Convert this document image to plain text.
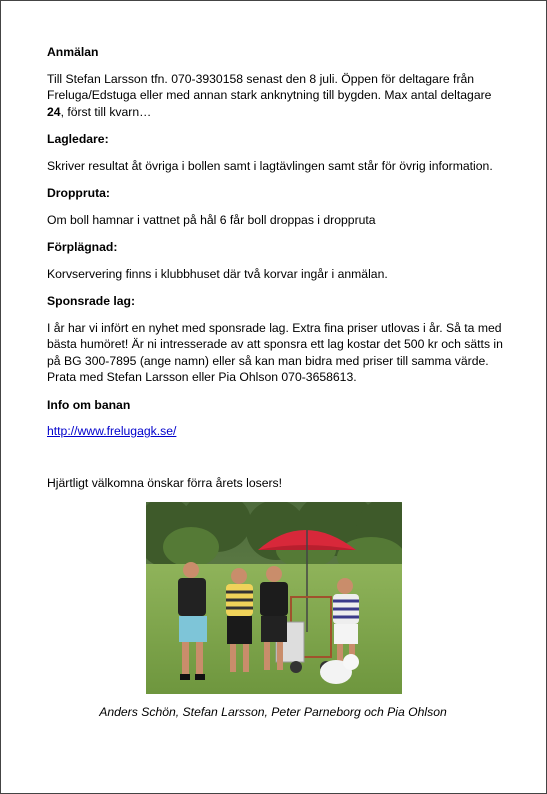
Anmälan
Till Stefan Larsson tfn. 070-3930158 senast den 8 juli. Öppen för deltagare från Freluga/Edstuga eller med annan stark anknytning till bygden. Max antal deltagare 24, först till kvarn…
Lagledare:
Skriver resultat åt övriga i bollen samt i lagtävlingen samt står för övrig information.
Droppruta:
Om boll hamnar i vattnet på hål 6 får boll droppas i droppruta
Förplägnad:
Korvservering finns i klubbhuset där två korvar ingår i anmälan.
Sponsrade lag:
I år har vi infört en nyhet med sponsrade lag. Extra fina priser utlovas i år. Så ta med bästa humöret! Är ni intresserade av att sponsra ett lag kostar det 500 kr och sätts in på BG 300-7895 (ange namn) eller så kan man bidra med priser till samma värde. Prata med Stefan Larsson eller Pia Ohlson 070-3658613.
Info om banan
http://www.frelugagk.se/
Hjärtligt välkomna önskar förra årets losers!
Anders Schön, Stefan Larsson, Peter Parneborg och Pia Ohlson
